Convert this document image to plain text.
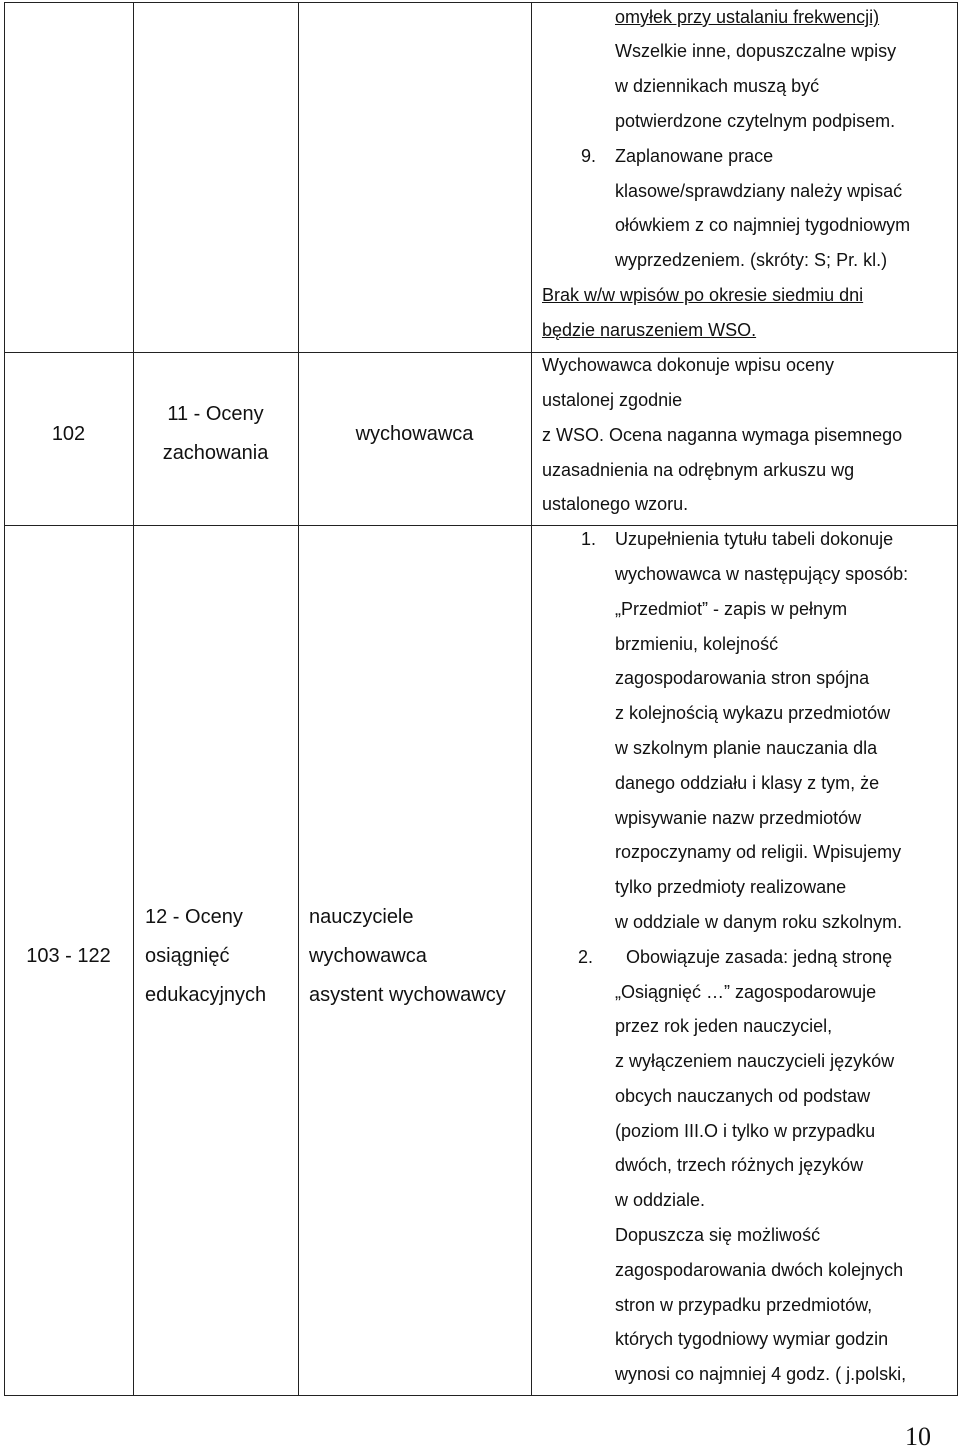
omyłek przy ustalaniu frekwencji)
Wszelkie inne, dopuszczalne wpisy
w dziennikach muszą być
potwierdzone czytelnym podpisem.
9. Zaplanowane prace
klasowe/sprawdziany należy wpisać
ołówkiem z co najmniej tygodniowym
wyprzedzeniem. (skróty: S; Pr. kl.)
Brak w/w wpisów po okresie siedmiu dni
będzie naruszeniem WSO.
102
11 - Oceny
zachowania
wychowawca
Wychowawca dokonuje wpisu oceny
ustalonej zgodnie
z WSO. Ocena naganna wymaga pisemnego
uzasadnienia na odrębnym arkuszu wg
ustalonego wzoru.
103 - 122
12 - Oceny
osiągnięć
edukacyjnych
nauczyciele
wychowawca
asystent wychowawcy
1. Uzupełnienia tytułu tabeli dokonuje
wychowawca w następujący sposób:
„Przedmiot” - zapis w pełnym
brzmieniu, kolejność
zagospodarowania stron spójna
z kolejnością wykazu przedmiotów
w szkolnym planie nauczania dla
danego oddziału i klasy z tym, że
wpisywanie nazw przedmiotów
rozpoczynamy od religii. Wpisujemy
tylko przedmioty realizowane
w oddziale w danym roku szkolnym.
2. Obowiązuje zasada: jedną stronę
„Osiągnięć …” zagospodarowuje
przez rok jeden nauczyciel,
z wyłączeniem nauczycieli języków
obcych nauczanych od podstaw
(poziom III.O i tylko w przypadku
dwóch, trzech różnych języków
w oddziale.
Dopuszcza się możliwość
zagospodarowania dwóch kolejnych
stron w przypadku przedmiotów,
których tygodniowy wymiar godzin
wynosi co najmniej 4 godz. ( j.polski,
10
